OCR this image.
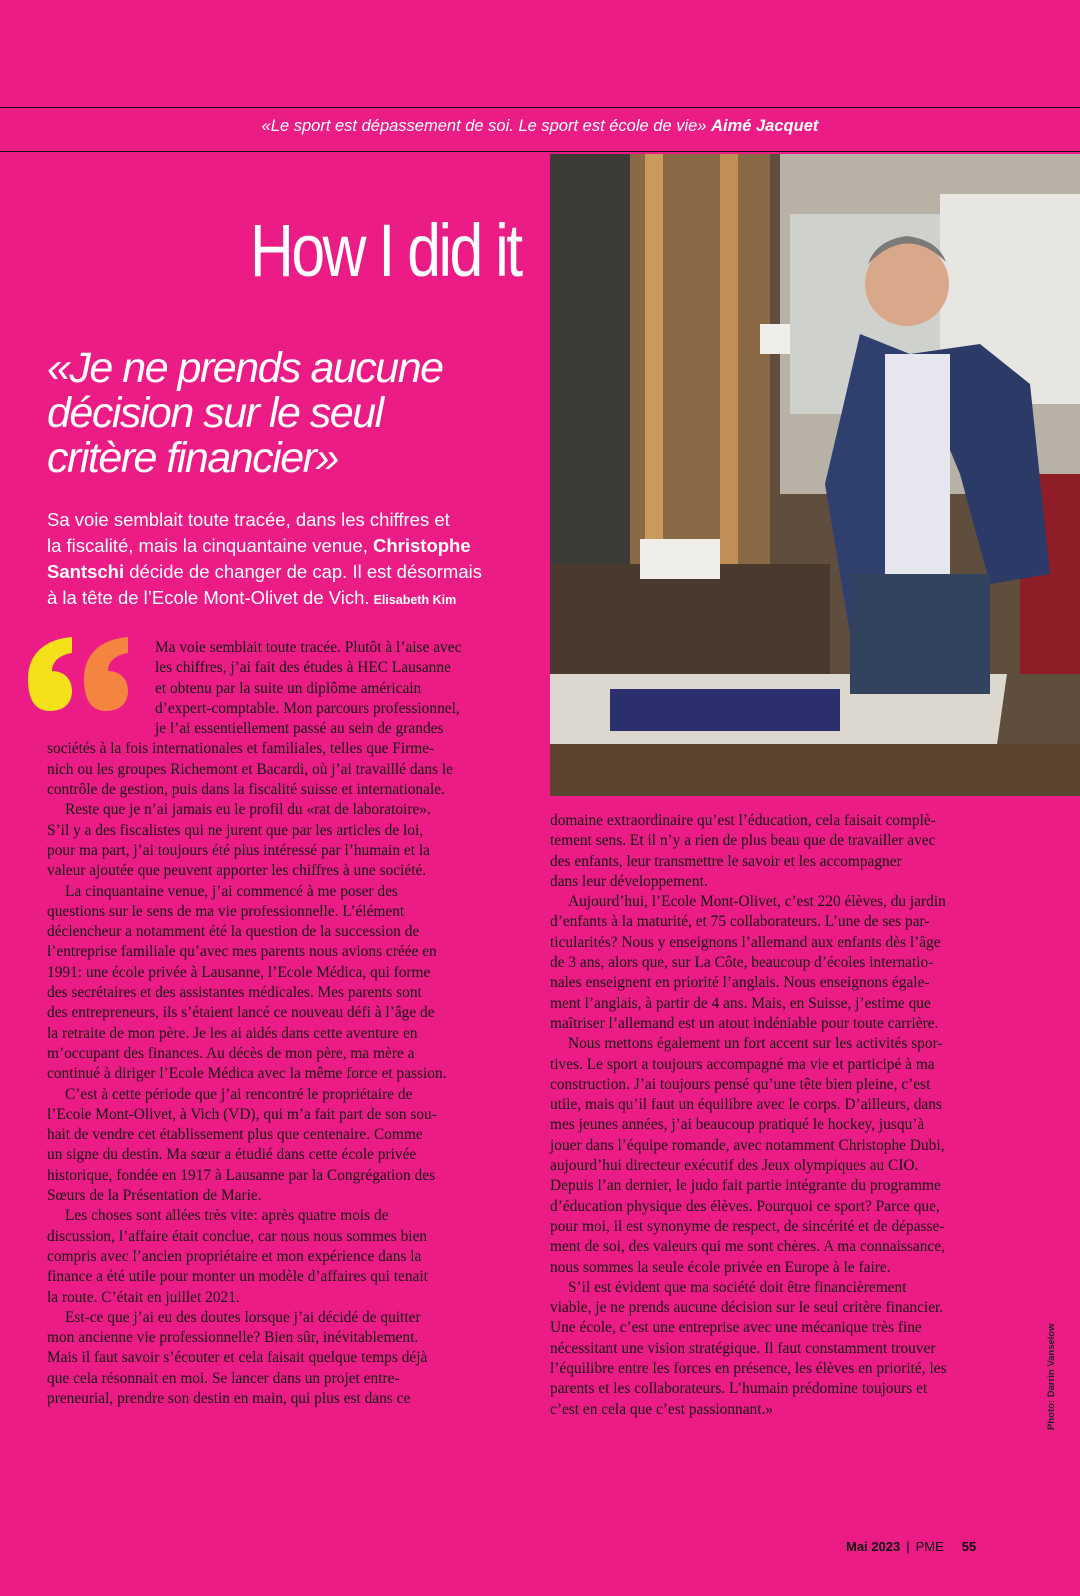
«Le sport est dépassement de soi. Le sport est école de vie» Aimé Jacquet
How I did it
«Je ne prends aucune
décision sur le seul
critère financier»
Sa voie semblait toute tracée, dans les chiffres et
la fiscalité, mais la cinquantaine venue, Christophe
Santschi décide de changer de cap. Il est désormais
à la tête de l’Ecole Mont-Olivet de Vich. Elisabeth Kim
Ma voie semblait toute tracée. Plutôt à l’aise avec
les chiffres, j’ai fait des études à HEC Lausanne
et obtenu par la suite un diplôme américain
d’expert-comptable. Mon parcours professionnel,
je l’ai essentiellement passé au sein de grandes
sociétés à la fois internationales et familiales, telles que Firme-
nich ou les groupes Richemont et Bacardi, où j’ai travaillé dans le
contrôle de gestion, puis dans la fiscalité suisse et internationale.
Reste que je n’ai jamais eu le profil du «rat de laboratoire».
S’il y a des fiscalistes qui ne jurent que par les articles de loi,
pour ma part, j’ai toujours été plus intéressé par l’humain et la
valeur ajoutée que peuvent apporter les chiffres à une société.
La cinquantaine venue, j’ai commencé à me poser des
questions sur le sens de ma vie professionnelle. L’élément
déclencheur a notamment été la question de la succession de
l’entreprise familiale qu’avec mes parents nous avions créée en
1991: une école privée à Lausanne, l’Ecole Médica, qui forme
des secrétaires et des assistantes médicales. Mes parents sont
des entrepreneurs, ils s’étaient lancé ce nouveau défi à l’âge de
la retraite de mon père. Je les ai aidés dans cette aventure en
m’occupant des finances. Au décès de mon père, ma mère a
continué à diriger l’Ecole Médica avec la même force et passion.
C’est à cette période que j’ai rencontré le propriétaire de
l’Ecole Mont-Olivet, à Vich (VD), qui m’a fait part de son sou-
hait de vendre cet établissement plus que centenaire. Comme
un signe du destin. Ma sœur a étudié dans cette école privée
historique, fondée en 1917 à Lausanne par la Congrégation des
Sœurs de la Présentation de Marie.
Les choses sont allées très vite: après quatre mois de
discussion, l’affaire était conclue, car nous nous sommes bien
compris avec l’ancien propriétaire et mon expérience dans la
finance a été utile pour monter un modèle d’affaires qui tenait
la route. C’était en juillet 2021.
Est-ce que j’ai eu des doutes lorsque j’ai décidé de quitter
mon ancienne vie professionnelle? Bien sûr, inévitablement.
Mais il faut savoir s’écouter et cela faisait quelque temps déjà
que cela résonnait en moi. Se lancer dans un projet entre-
preneurial, prendre son destin en main, qui plus est dans ce
domaine extraordinaire qu’est l’éducation, cela faisait complè-
tement sens. Et il n’y a rien de plus beau que de travailler avec
des enfants, leur transmettre le savoir et les accompagner
dans leur développement.
Aujourd’hui, l’Ecole Mont-Olivet, c’est 220 élèves, du jardin
d’enfants à la maturité, et 75 collaborateurs. L’une de ses par-
ticularités? Nous y enseignons l’allemand aux enfants dès l’âge
de 3 ans, alors que, sur La Côte, beaucoup d’écoles internatio-
nales enseignent en priorité l’anglais. Nous enseignons égale-
ment l’anglais, à partir de 4 ans. Mais, en Suisse, j’estime que
maîtriser l’allemand est un atout indéniable pour toute carrière.
Nous mettons également un fort accent sur les activités spor-
tives. Le sport a toujours accompagné ma vie et participé à ma
construction. J’ai toujours pensé qu’une tête bien pleine, c’est
utile, mais qu’il faut un équilibre avec le corps. D’ailleurs, dans
mes jeunes années, j’ai beaucoup pratiqué le hockey, jusqu’à
jouer dans l’équipe romande, avec notamment Christophe Dubi,
aujourd’hui directeur exécutif des Jeux olympiques au CIO.
Depuis l’an dernier, le judo fait partie intégrante du programme
d’éducation physique des élèves. Pourquoi ce sport? Parce que,
pour moi, il est synonyme de respect, de sincérité et de dépasse-
ment de soi, des valeurs qui me sont chères. A ma connaissance,
nous sommes la seule école privée en Europe à le faire.
S’il est évident que ma société doit être financièrement
viable, je ne prends aucune décision sur le seul critère financier.
Une école, c’est une entreprise avec une mécanique très fine
nécessitant une vision stratégique. Il faut constamment trouver
l’équilibre entre les forces en présence, les élèves en priorité, les
parents et les collaborateurs. L’humain prédomine toujours et
c’est en cela que c’est passionnant.»	Photo: Darrin Vanselow
Mai 2023 | PME 55
